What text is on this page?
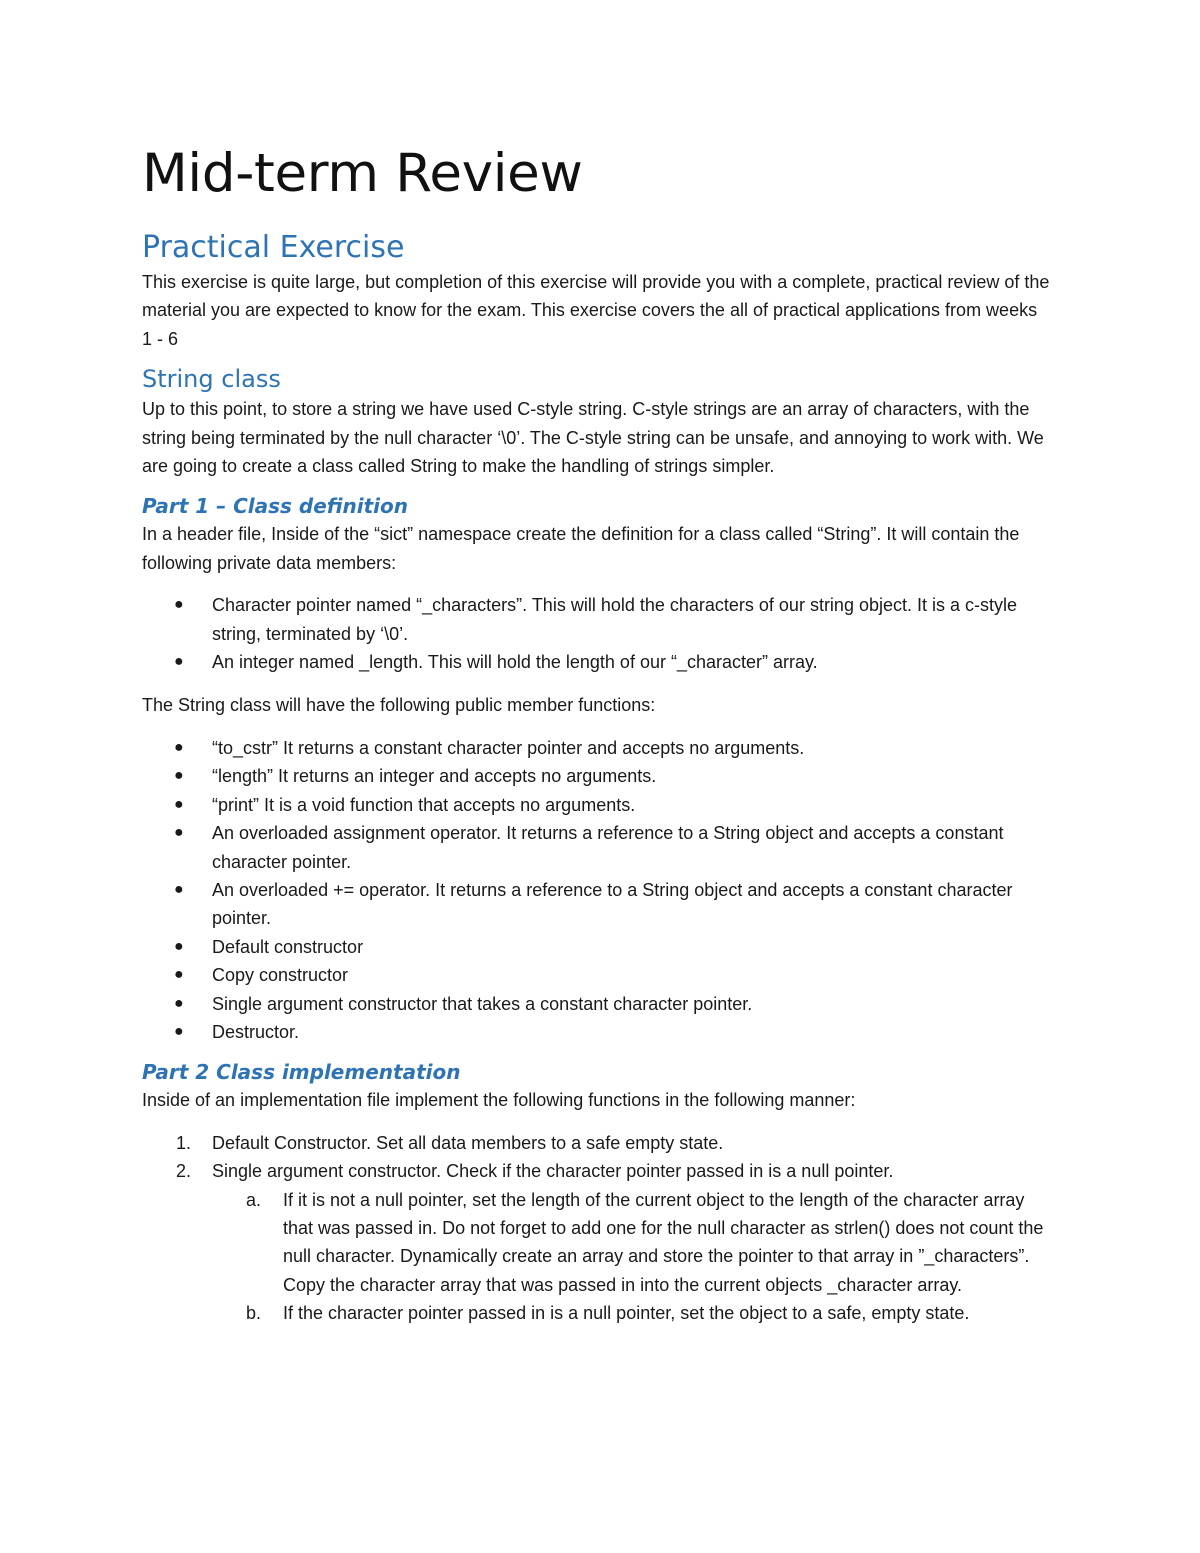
Mid-term Review
Practical Exercise

This exercise is quite large, but completion of this exercise will provide you with a complete, practical review of the material you are expected to know for the exam. This exercise covers the all of practical applications from weeks 1 - 6

String class

Up to this point, to store a string we have used C-style string. C-style strings are an array of characters, with the string being terminated by the null character ‘\0’. The C-style string can be unsafe, and annoying to work with. We are going to create a class called String to make the handling of strings simpler.

Part 1 – Class definition

In a header file, Inside of the “sict” namespace create the definition for a class called “String”. It will contain the following private data members:

●	Character pointer named “_characters”. This will hold the characters of our string object. It is a c-style string, terminated by ‘\0’.
●	An integer named _length. This will hold the length of our “_character” array.

The String class will have the following public member functions:

●	“to_cstr” It returns a constant character pointer and accepts no arguments.
●	“length” It returns an integer and accepts no arguments.
●	“print” It is a void function that accepts no arguments.
●	An overloaded assignment operator. It returns a reference to a String object and accepts a constant character pointer.
●	An overloaded += operator. It returns a reference to a String object and accepts a constant character pointer.
●	Default constructor
●	Copy constructor
●	Single argument constructor that takes a constant character pointer.
●	Destructor.
Part 2 Class implementation

Inside of an implementation file implement the following functions in the following manner:

1. Default Constructor. Set all data members to a safe empty state.
2. Single argument constructor. Check if the character pointer passed in is a null pointer.
a. If it is not a null pointer, set the length of the current object to the length of the character array that was passed in. Do not forget to add one for the null character as strlen() does not count the null character. Dynamically create an array and store the pointer to that array in ”_characters”. Copy the character array that was passed in into the current objects _character array.
b. If the character pointer passed in is a null pointer, set the object to a safe, empty state.
